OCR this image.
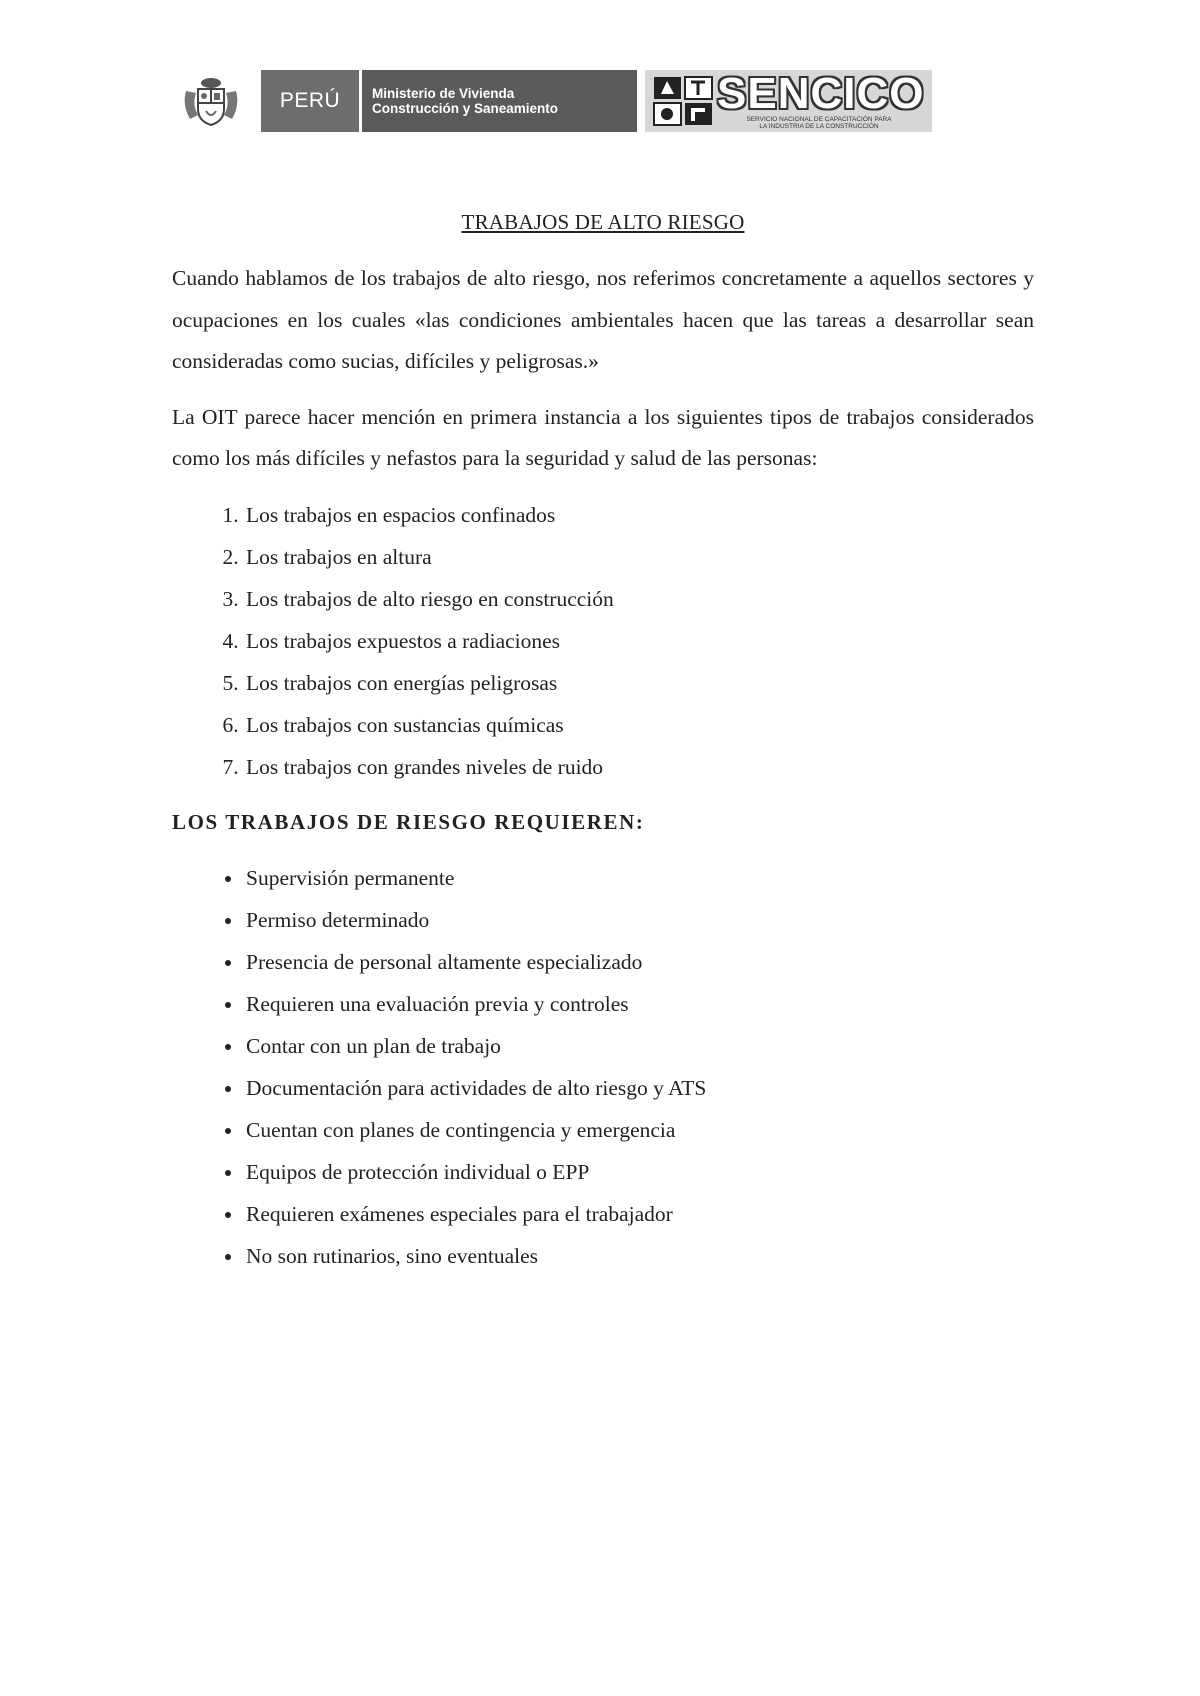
PERÚ	Ministerio de Vivienda
Construcción y Saneamiento	SENCICO
SERVICIO NACIONAL DE CAPACITACIÓN PARA
LA INDUSTRIA DE LA CONSTRUCCIÓN
TRABAJOS DE ALTO RIESGO

Cuando hablamos de los trabajos de alto riesgo, nos referimos concretamente a aquellos sectores y ocupaciones en los cuales «las condiciones ambientales hacen que las tareas a desarrollar sean consideradas como sucias, difíciles y peligrosas.»

La OIT parece hacer mención en primera instancia a los siguientes tipos de trabajos considerados como los más difíciles y nefastos para la seguridad y salud de las personas:

1. Los trabajos en espacios confinados
2. Los trabajos en altura
3. Los trabajos de alto riesgo en construcción
4. Los trabajos expuestos a radiaciones
5. Los trabajos con energías peligrosas
6. Los trabajos con sustancias químicas
7. Los trabajos con grandes niveles de ruido
LOS TRABAJOS DE RIESGO REQUIEREN:
• Supervisión permanente
• Permiso determinado
• Presencia de personal altamente especializado
• Requieren una evaluación previa y controles
• Contar con un plan de trabajo
• Documentación para actividades de alto riesgo y ATS
• Cuentan con planes de contingencia y emergencia
• Equipos de protección individual o EPP
• Requieren exámenes especiales para el trabajador
• No son rutinarios, sino eventuales
